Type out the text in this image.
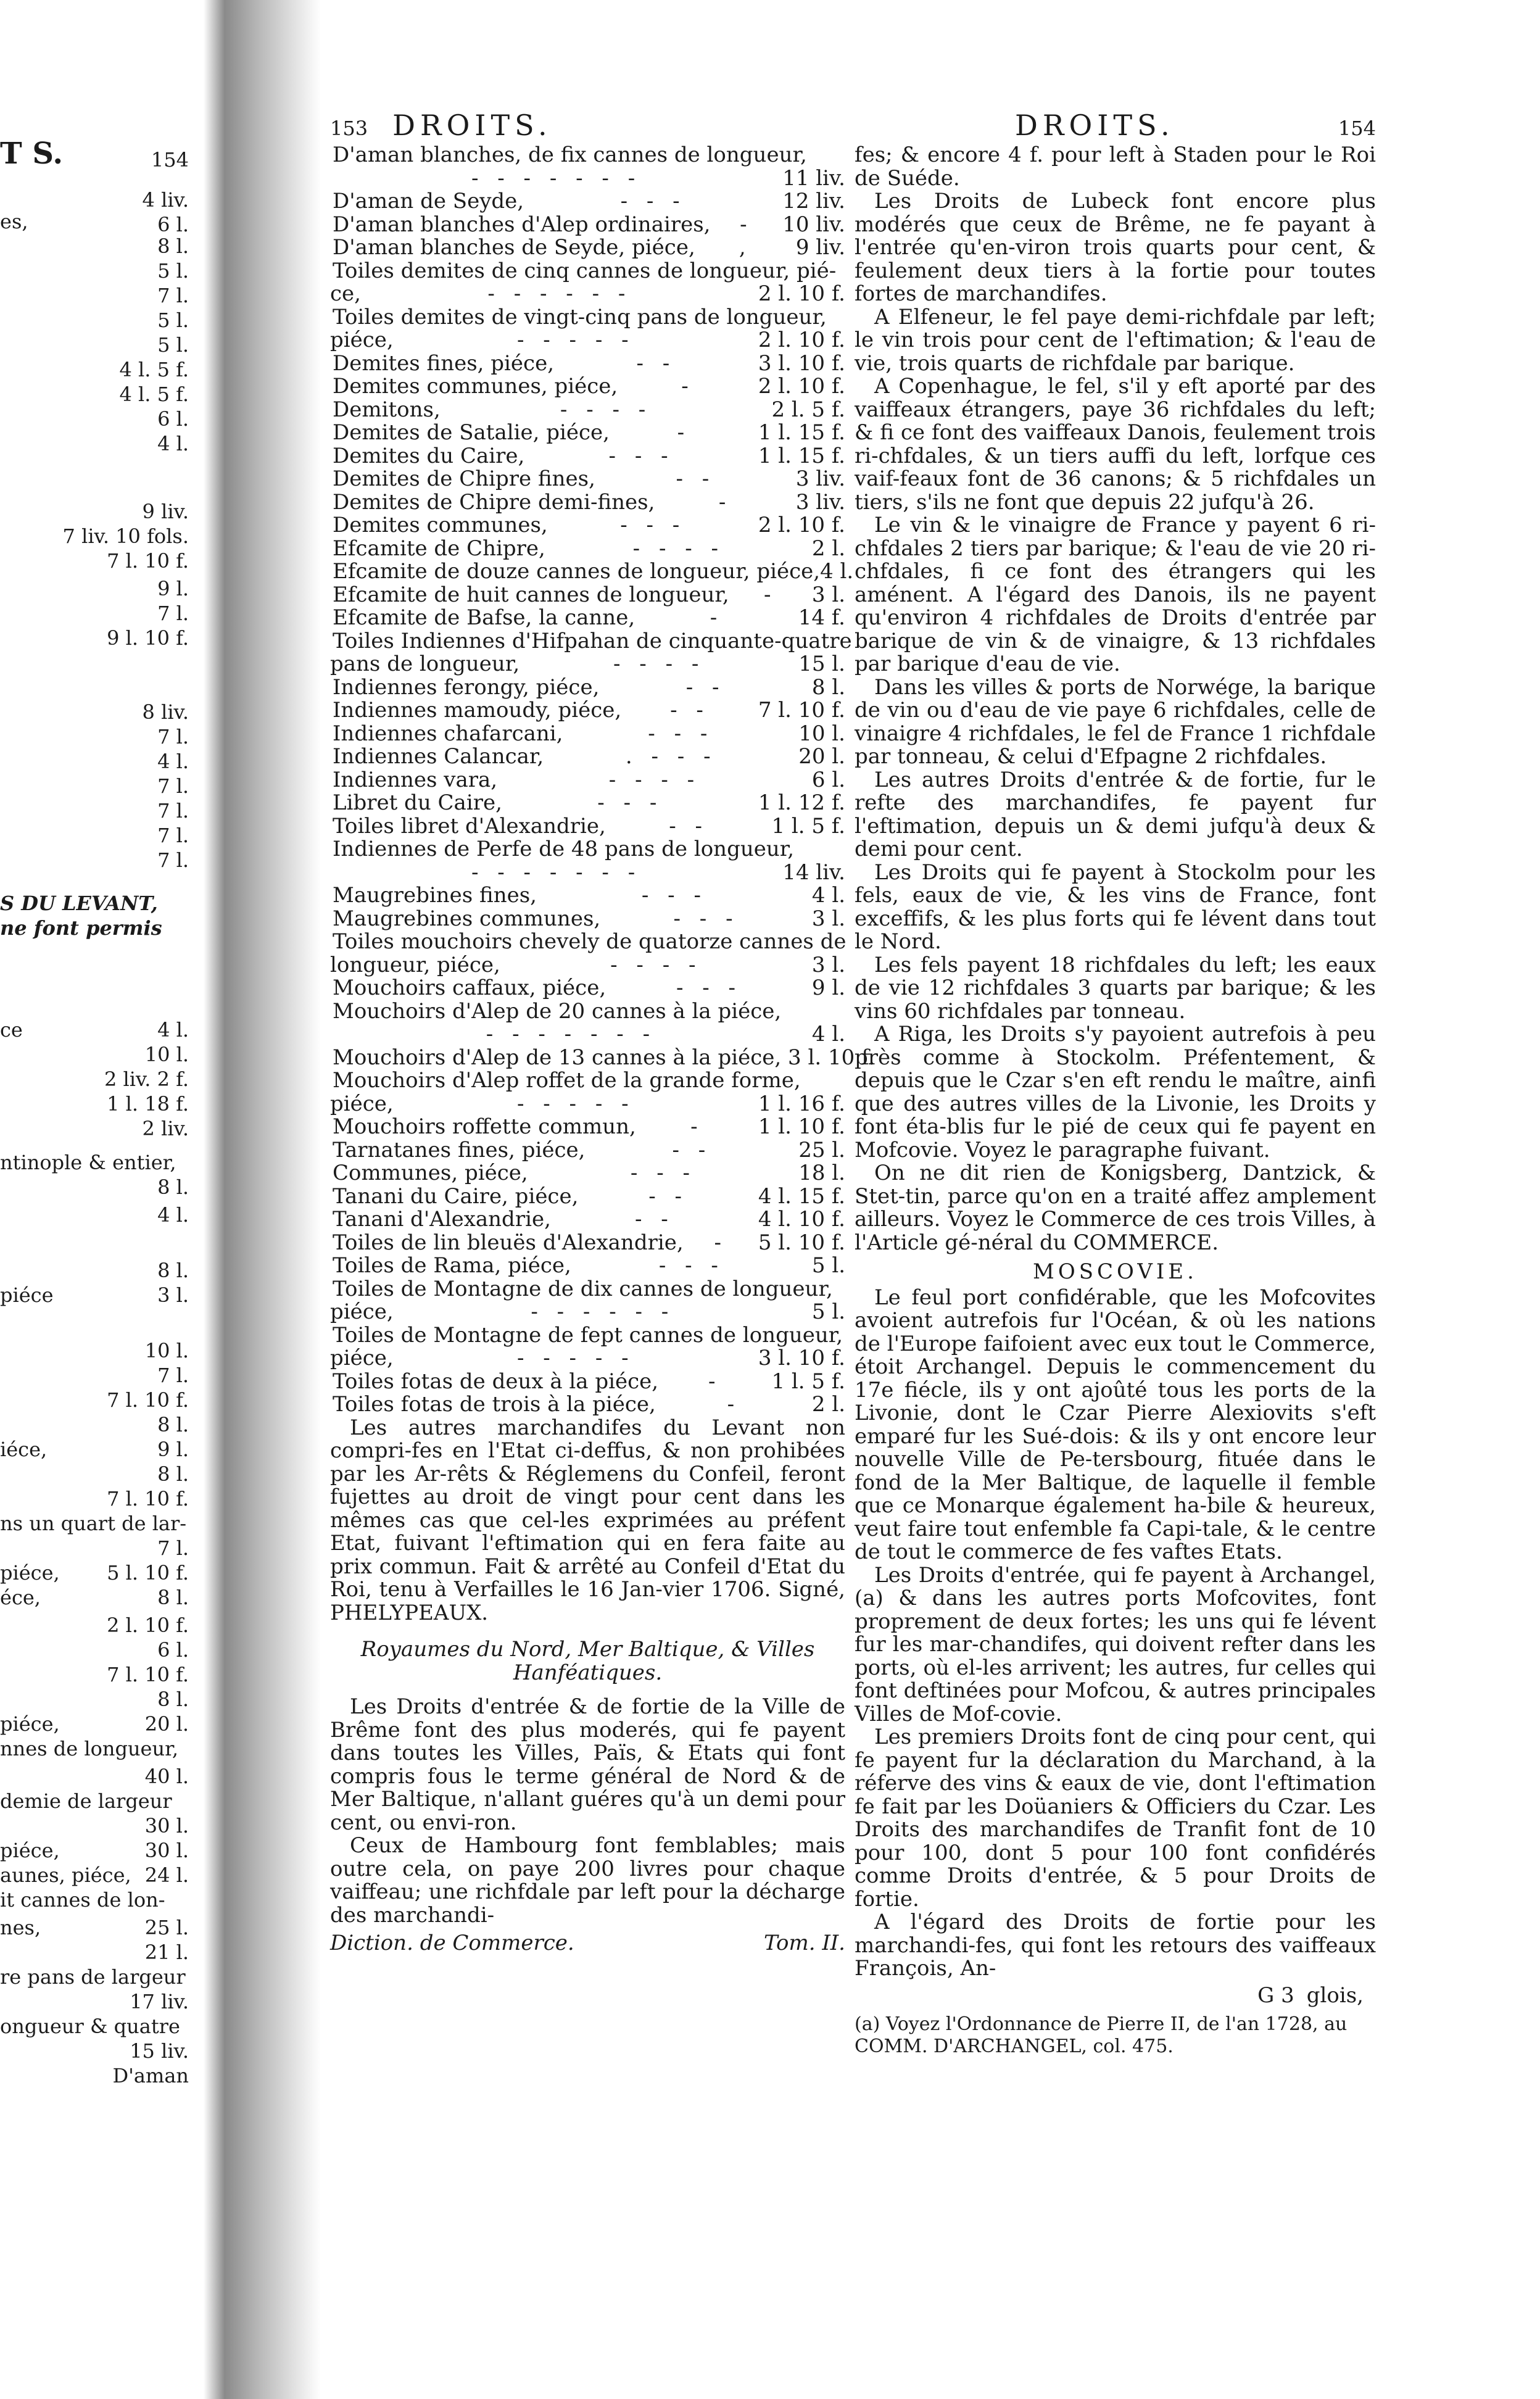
T S.	154
4 liv.
es,	6 l.
8 l.
5 l.
7 l.
5 l.
5 l.
4 l. 5 f.
4 l. 5 f.
6 l.
4 l.
9 liv.
7 liv. 10 fols.
7 l. 10 f.
9 l.
7 l.
9 l. 10 f.
8 liv.
7 l.
4 l.
7 l.
7 l.
7 l.
7 l.
S DU LEVANT,
ne font permis
ce	4 l.
10 l.
2 liv. 2 f.
1 l. 18 f.
2 liv.
ntinople & entier,
8 l.
4 l.
8 l.
piéce	3 l.
10 l.
7 l.
7 l. 10 f.
8 l.
iéce,	9 l.
8 l.
7 l. 10 f.
ns un quart de lar-
7 l.
piéce, 5 l. 10 f.
éce,	8 l.
2 l. 10 f.
6 l.
7 l. 10 f.
8 l.
piéce,	20 l.
nnes de longueur,
40 l.
demie de largeur
30 l.
piéce,	30 l.
aunes, piéce, 24 l.
it cannes de lon-
nes,	25 l.
21 l.
re pans de largeur
17 liv.
ongueur & quatre
15 liv.
D'aman
153 DROITS.
D'aman blanches, de fix cannes de longueur,
- - - - - - -	11 liv.
D'aman de Seyde,	- - -	12 liv.
D'aman blanches d'Alep ordinaires,	-	10 liv.
D'aman blanches de Seyde, piéce,	,	9 liv.
Toiles demites de cinq cannes de longueur, pié-
ce,	- - - - - -	2 l. 10 f.
Toiles demites de vingt-cinq pans de longueur,
piéce,	- - - - -	2 l. 10 f.
Demites fines, piéce,	- -	3 l. 10 f.
Demites communes, piéce,	-	2 l. 10 f.
Demitons,	- - - -	2 l. 5 f.
Demites de Satalie, piéce,	-	1 l. 15 f.
Demites du Caire,	- - -	1 l. 15 f.
Demites de Chipre fines,	- -	3 liv.
Demites de Chipre demi-fines,	-	3 liv.
Demites communes,	- - -	2 l. 10 f.
Efcamite de Chipre,	- - - -	2 l.
Efcamite de douze cannes de longueur, piéce, 4 l.
Efcamite de huit cannes de longueur,	-	3 l.
Efcamite de Bafse, la canne,	-	14 f.
Toiles Indiennes d'Hifpahan de cinquante-quatre
pans de longueur,	- - - -	15 l.
Indiennes ferongy, piéce,	- -	8 l.
Indiennes mamoudy, piéce,	- -	7 l. 10 f.
Indiennes chafarcani,	- - -	10 l.
Indiennes Calancar,	. - - -	20 l.
Indiennes vara,	- - - -	6 l.
Libret du Caire,	- - -	1 l. 12 f.
Toiles libret d'Alexandrie,	- -	1 l. 5 f.
Indiennes de Perfe de 48 pans de longueur,
- - - - - - -	14 liv.
Maugrebines fines,	- - -	4 l.
Maugrebines communes,	- - -	3 l.
Toiles mouchoirs chevely de quatorze cannes de
longueur, piéce,	- - - -	3 l.
Mouchoirs caffaux, piéce,	- - -	9 l.
Mouchoirs d'Alep de 20 cannes à la piéce,
- - - - - - -	4 l.
Mouchoirs d'Alep de 13 cannes à la piéce, 3 l. 10 f.
Mouchoirs d'Alep roffet de la grande forme,
piéce,	- - - - -	1 l. 16 f.
Mouchoirs roffette commun,	-	1 l. 10 f.
Tarnatanes fines, piéce,	- -	25 l.
Communes, piéce,	- - -	18 l.
Tanani du Caire, piéce,	- -	4 l. 15 f.
Tanani d'Alexandrie,	- -	4 l. 10 f.
Toiles de lin bleuës d'Alexandrie,	-	5 l. 10 f.
Toiles de Rama, piéce,	- - -	5 l.
Toiles de Montagne de dix cannes de longueur,
piéce,	- - - - - -	5 l.
Toiles de Montagne de fept cannes de longueur,
piéce,	- - - - -	3 l. 10 f.
Toiles fotas de deux à la piéce,	-	1 l. 5 f.
Toiles fotas de trois à la piéce,	-	2 l.

Les autres marchandifes du Levant non compri-fes en l'Etat ci-deffus, & non prohibées par les Ar-rêts & Réglemens du Confeil, feront fujettes au droit de vingt pour cent dans les mêmes cas que cel-les exprimées au préfent Etat, fuivant l'eftimation qui en fera faite au prix commun. Fait & arrêté au Confeil d'Etat du Roi, tenu à Verfailles le 16 Jan-vier 1706. Signé, PHELYPEAUX.

Royaumes du Nord, Mer Baltique, & Villes Hanféatiques.

Les Droits d'entrée & de fortie de la Ville de Brême font des plus moderés, qui fe payent dans toutes les Villes, Païs, & Etats qui font compris fous le terme général de Nord & de Mer Baltique, n'allant guéres qu'à un demi pour cent, ou envi-ron.

Ceux de Hambourg font femblables; mais outre cela, on paye 200 livres pour chaque vaiffeau; une richfdale par left pour la décharge des marchandi-

Diction. de Commerce.	Tom. II.
DROITS.	154

fes; & encore 4 f. pour left à Staden pour le Roi de Suéde.

Les Droits de Lubeck font encore plus modérés que ceux de Brême, ne fe payant à l'entrée qu'en-viron trois quarts pour cent, & feulement deux tiers à la fortie pour toutes fortes de marchandifes.

A Elfeneur, le fel paye demi-richfdale par left; le vin trois pour cent de l'eftimation; & l'eau de vie, trois quarts de richfdale par barique.

A Copenhague, le fel, s'il y eft aporté par des vaiffeaux étrangers, paye 36 richfdales du left; & fi ce font des vaiffeaux Danois, feulement trois ri-chfdales, & un tiers auffi du left, lorfque ces vaif-feaux font de 36 canons; & 5 richfdales un tiers, s'ils ne font que depuis 22 jufqu'à 26.

Le vin & le vinaigre de France y payent 6 ri-chfdales 2 tiers par barique; & l'eau de vie 20 ri-chfdales, fi ce font des étrangers qui les aménent. A l'égard des Danois, ils ne payent qu'environ 4 richfdales de Droits d'entrée par barique de vin & de vinaigre, & 13 richfdales par barique d'eau de vie.

Dans les villes & ports de Norwége, la barique de vin ou d'eau de vie paye 6 richfdales, celle de vinaigre 4 richfdales, le fel de France 1 richfdale par tonneau, & celui d'Efpagne 2 richfdales.

Les autres Droits d'entrée & de fortie, fur le refte des marchandifes, fe payent fur l'eftimation, depuis un & demi jufqu'à deux & demi pour cent.

Les Droits qui fe payent à Stockolm pour les fels, eaux de vie, & les vins de France, font exceffifs, & les plus forts qui fe lévent dans tout le Nord.

Les fels payent 18 richfdales du left; les eaux de vie 12 richfdales 3 quarts par barique; & les vins 60 richfdales par tonneau.

A Riga, les Droits s'y payoient autrefois à peu près comme à Stockolm. Préfentement, & depuis que le Czar s'en eft rendu le maître, ainfi que des autres villes de la Livonie, les Droits y font éta-blis fur le pié de ceux qui fe payent en Mofcovie. Voyez le paragraphe fuivant.

On ne dit rien de Konigsberg, Dantzick, & Stet-tin, parce qu'on en a traité affez amplement ailleurs. Voyez le Commerce de ces trois Villes, à l'Article gé-néral du COMMERCE.

MOSCOVIE.

Le feul port confidérable, que les Mofcovites avoient autrefois fur l'Océan, & où les nations de l'Europe faifoient avec eux tout le Commerce, étoit Archangel. Depuis le commencement du 17e fiécle, ils y ont ajoûté tous les ports de la Livonie, dont le Czar Pierre Alexiovits s'eft emparé fur les Sué-dois: & ils y ont encore leur nouvelle Ville de Pe-tersbourg, fituée dans le fond de la Mer Baltique, de laquelle il femble que ce Monarque également ha-bile & heureux, veut faire tout enfemble fa Capi-tale, & le centre de tout le commerce de fes vaftes Etats.

Les Droits d'entrée, qui fe payent à Archangel, (a) & dans les autres ports Mofcovites, font proprement de deux fortes; les uns qui fe lévent fur les mar-chandifes, qui doivent refter dans les ports, où el-les arrivent; les autres, fur celles qui font deftinées pour Mofcou, & autres principales Villes de Mof-covie.

Les premiers Droits font de cinq pour cent, qui fe payent fur la déclaration du Marchand, à la réferve des vins & eaux de vie, dont l'eftimation fe fait par les Doüaniers & Officiers du Czar. Les Droits des marchandifes de Tranfit font de 10 pour 100, dont 5 pour 100 font confidérés comme Droits d'entrée, & 5 pour Droits de fortie.

A l'égard des Droits de fortie pour les marchandi-fes, qui font les retours des vaiffeaux François, An-

G 3 glois,
(a) Voyez l'Ordonnance de Pierre II, de l'an 1728, au COMM. D'ARCHANGEL, col. 475.
